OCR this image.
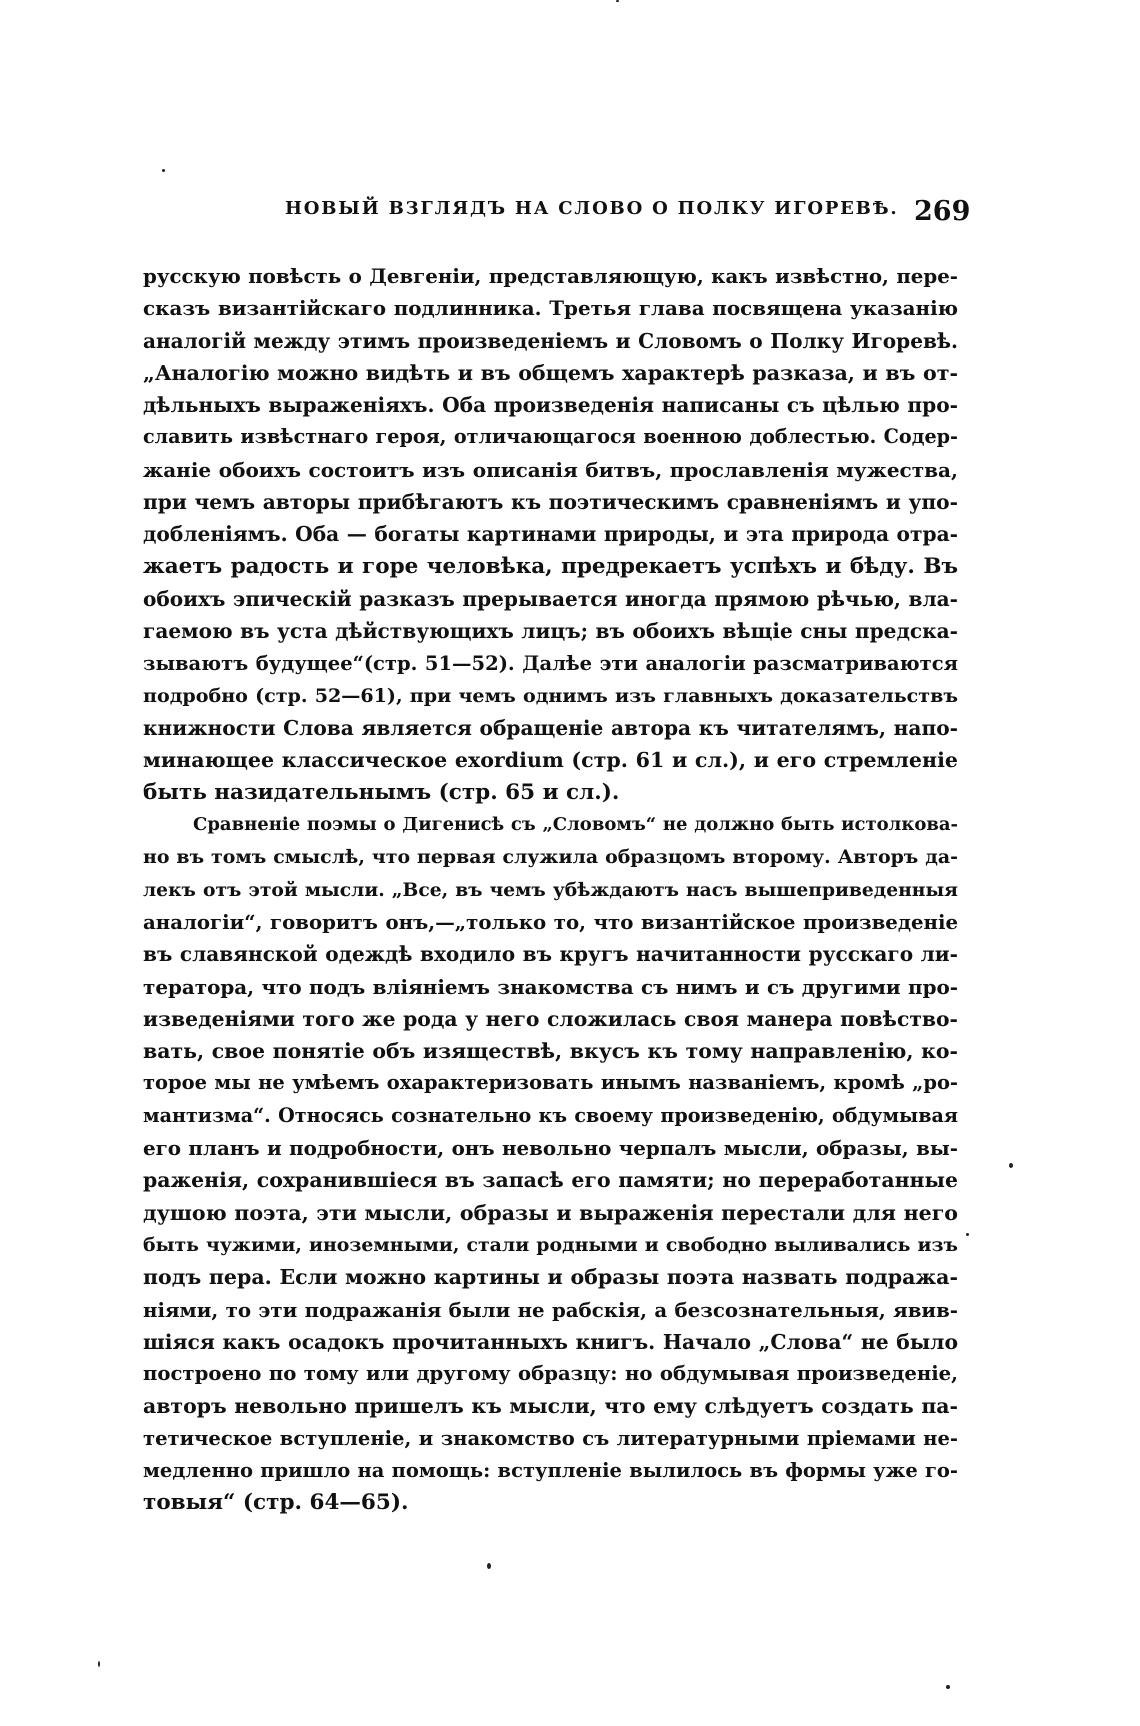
НОВЫЙ ВЗГЛЯДЪ НА СЛОВО О ПОЛКУ ИГОРЕВѢ. 269
русскую повѣсть о Девгеніи, представляющую, какъ извѣстно, пере-
сказъ византійскаго подлинника. Третья глава посвящена указанію
аналогій между этимъ произведеніемъ и Словомъ о Полку Игоревѣ.
„Аналогію можно видѣть и въ общемъ характерѣ разказа, и въ от-
дѣльныхъ выраженіяхъ. Оба произведенія написаны съ цѣлью про-
славить извѣстнаго героя, отличающагося военною доблестью. Содер-
жаніе обоихъ состоитъ изъ описанія битвъ, прославленія мужества,
при чемъ авторы прибѣгаютъ къ поэтическимъ сравненіямъ и упо-
добленіямъ. Оба — богаты картинами природы, и эта природа отра-
жаетъ радость и горе человѣка, предрекаетъ успѣхъ и бѣду. Въ
обоихъ эпическій разказъ прерывается иногда прямою рѣчью, вла-
гаемою въ уста дѣйствующихъ лицъ; въ обоихъ вѣщіе сны предска-
зываютъ будущее“(стр. 51—52). Далѣе эти аналогіи разсматриваются
подробно (стр. 52—61), при чемъ однимъ изъ главныхъ доказательствъ
книжности Слова является обращеніе автора къ читателямъ, напо-
минающее классическое exordium (стр. 61 и сл.), и его стремленіе
быть назидательнымъ (стр. 65 и сл.).
Сравненіе поэмы о Дигенисѣ съ „Словомъ“ не должно быть истолкова-
но въ томъ смыслѣ, что первая служила образцомъ второму. Авторъ да-
лекъ отъ этой мысли. „Все, въ чемъ убѣждаютъ насъ вышеприведенныя
аналогіи“, говоритъ онъ,—„только то, что византійское произведеніе
въ славянской одеждѣ входило въ кругъ начитанности русскаго ли-
тератора, что подъ вліяніемъ знакомства съ нимъ и съ другими про-
изведеніями того же рода у него сложилась своя манера повѣство-
вать, свое понятіе объ изяществѣ, вкусъ къ тому направленію, ко-
торое мы не умѣемъ охарактеризовать инымъ названіемъ, кромѣ „ро-
мантизма“. Относясь сознательно къ своему произведенію, обдумывая
его планъ и подробности, онъ невольно черпалъ мысли, образы, вы-
раженія, сохранившіеся въ запасѣ его памяти; но переработанные
душою поэта, эти мысли, образы и выраженія перестали для него
быть чужими, иноземными, стали родными и свободно выливались изъ
подъ пера. Если можно картины и образы поэта назвать подража-
ніями, то эти подражанія были не рабскія, а безсознательныя, явив-
шіяся какъ осадокъ прочитанныхъ книгъ. Начало „Слова“ не было
построено по тому или другому образцу: но обдумывая произведеніе,
авторъ невольно пришелъ къ мысли, что ему слѣдуетъ создать па-
тетическое вступленіе, и знакомство съ литературными пріемами не-
медленно пришло на помощь: вступленіе вылилось въ формы уже го-
товыя“ (стр. 64—65).
